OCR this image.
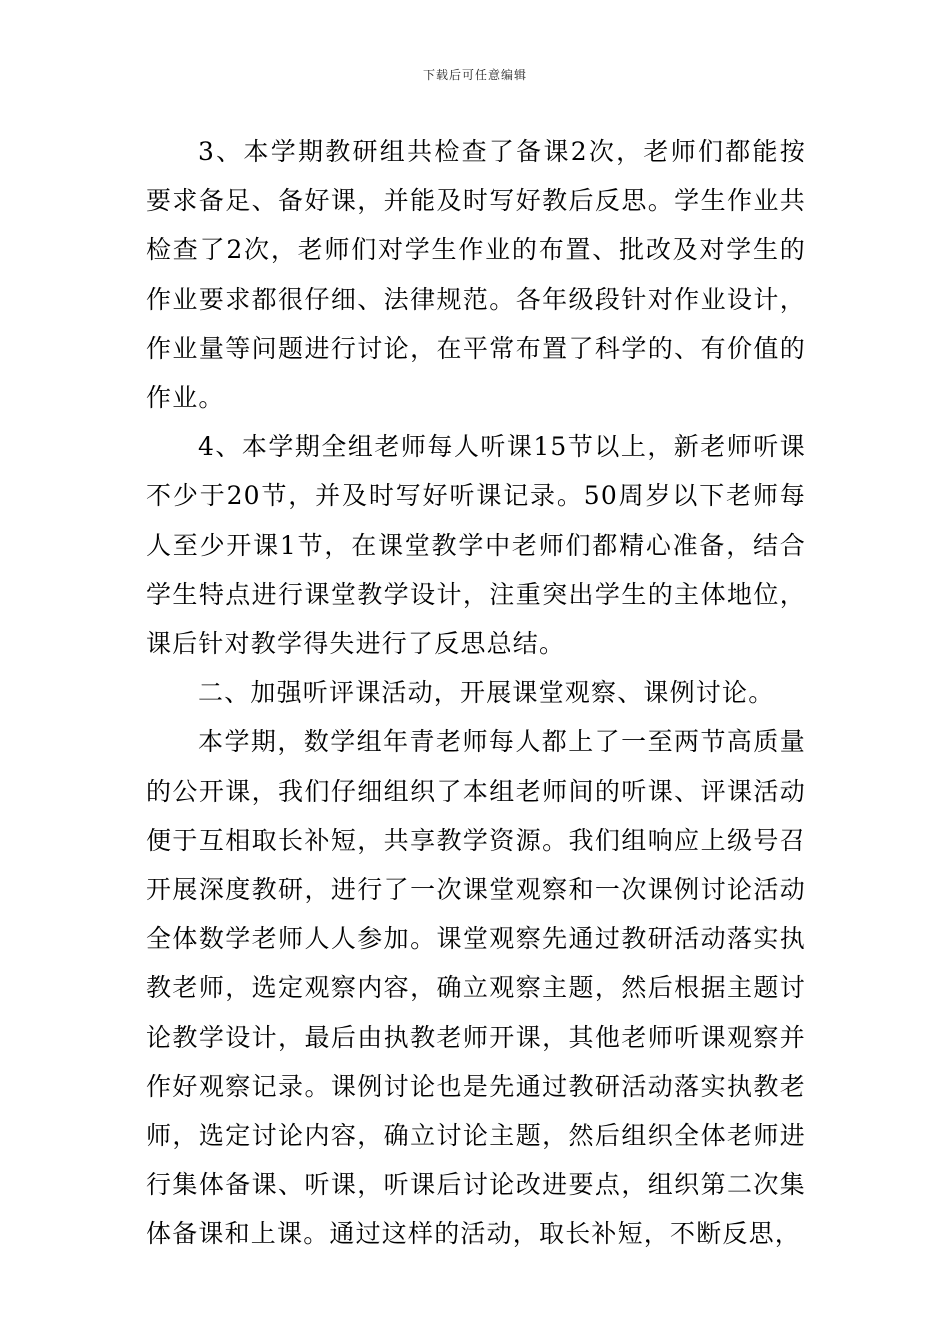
下载后可任意编辑

3、本学期教研组共检查了备课2次，老师们都能按要求备足、备好课，并能及时写好教后反思。学生作业共检查了2次，老师们对学生作业的布置、批改及对学生的作业要求都很仔细、法律规范。各年级段针对作业设计，作业量等问题进行讨论，在平常布置了科学的、有价值的作业。

4、本学期全组老师每人听课15节以上，新老师听课不少于20节，并及时写好听课记录。50周岁以下老师每人至少开课1节，在课堂教学中老师们都精心准备，结合学生特点进行课堂教学设计，注重突出学生的主体地位，课后针对教学得失进行了反思总结。

二、加强听评课活动，开展课堂观察、课例讨论。

本学期，数学组年青老师每人都上了一至两节高质量的公开课，我们仔细组织了本组老师间的听课、评课活动便于互相取长补短，共享教学资源。我们组响应上级号召开展深度教研，进行了一次课堂观察和一次课例讨论活动全体数学老师人人参加。课堂观察先通过教研活动落实执教老师，选定观察内容，确立观察主题，然后根据主题讨论教学设计，最后由执教老师开课，其他老师听课观察并作好观察记录。课例讨论也是先通过教研活动落实执教老师，选定讨论内容，确立讨论主题，然后组织全体老师进行集体备课、听课，听课后讨论改进要点，组织第二次集体备课和上课。通过这样的活动，取长补短，不断反思，
